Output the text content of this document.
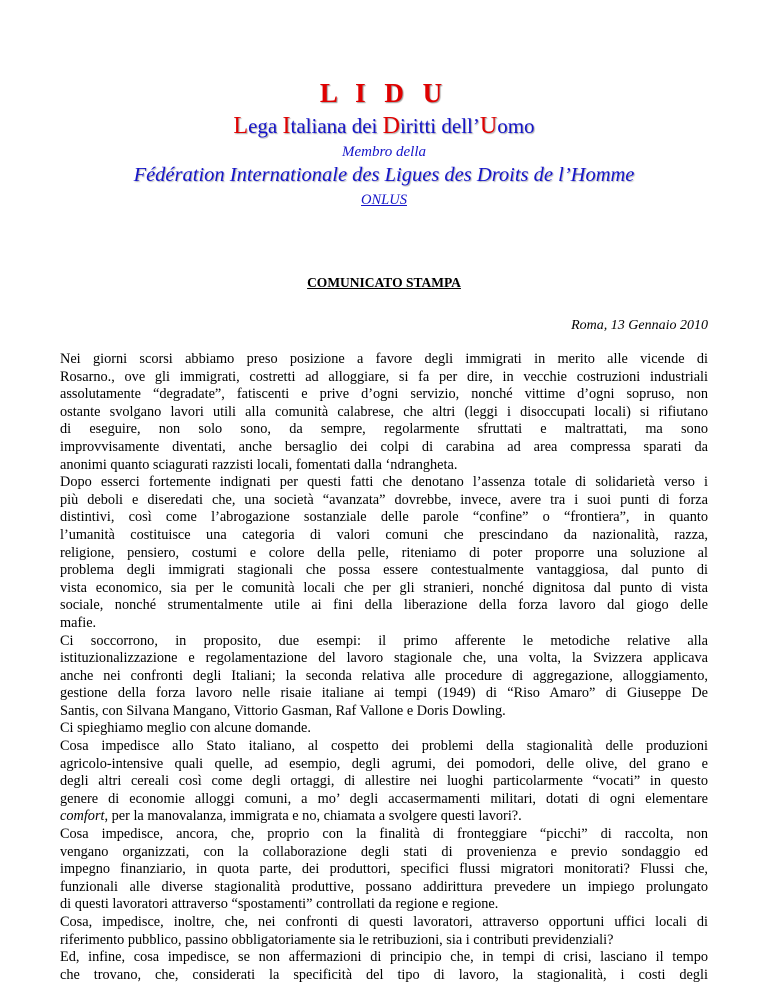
L I D U
Lega Italiana dei Diritti dell’Uomo
Membro della
Fédération Internationale des Ligues des Droits de l’Homme
ONLUS
COMUNICATO STAMPA
Roma, 13 Gennaio 2010
Nei giorni scorsi abbiamo preso posizione a favore degli immigrati in merito alle vicende di
Rosarno., ove gli immigrati, costretti ad alloggiare, si fa per dire, in vecchie costruzioni industriali
assolutamente “degradate”, fatiscenti e prive d’ogni servizio, nonché vittime d’ogni sopruso, non
ostante svolgano lavori utili alla comunità calabrese, che altri (leggi i disoccupati locali) si rifiutano
di eseguire, non solo sono, da sempre, regolarmente sfruttati e maltrattati, ma sono
improvvisamente diventati, anche bersaglio dei colpi di carabina ad area compressa sparati da
anonimi quanto sciagurati razzisti locali, fomentati dalla ‘ndrangheta.
Dopo esserci fortemente indignati per questi fatti che denotano l’assenza totale di solidarietà verso i
più deboli e diseredati che, una società “avanzata” dovrebbe, invece, avere tra i suoi punti di forza
distintivi, così come l’abrogazione sostanziale delle parole “confine” o “frontiera”, in quanto
l’umanità costituisce una categoria di valori comuni che prescindano da nazionalità, razza,
religione, pensiero, costumi e colore della pelle, riteniamo di poter proporre una soluzione al
problema degli immigrati stagionali che possa essere contestualmente vantaggiosa, dal punto di
vista economico, sia per le comunità locali che per gli stranieri, nonché dignitosa dal punto di vista
sociale, nonché strumentalmente utile ai fini della liberazione della forza lavoro dal giogo delle
mafie.
Ci soccorrono, in proposito, due esempi: il primo afferente le metodiche relative alla
istituzionalizzazione e regolamentazione del lavoro stagionale che, una volta, la Svizzera applicava
anche nei confronti degli Italiani; la seconda relativa alle procedure di aggregazione, alloggiamento,
gestione della forza lavoro nelle risaie italiane ai tempi (1949) di “Riso Amaro” di Giuseppe De
Santis, con Silvana Mangano, Vittorio Gasman, Raf Vallone e Doris Dowling.
Ci spieghiamo meglio con alcune domande.
Cosa impedisce allo Stato italiano, al cospetto dei problemi della stagionalità delle produzioni
agricolo-intensive quali quelle, ad esempio, degli agrumi, dei pomodori, delle olive, del grano e
degli altri cereali così come degli ortaggi, di allestire nei luoghi particolarmente “vocati” in questo
genere di economie alloggi comuni, a mo’ degli accasermamenti militari, dotati di ogni elementare
comfort, per la manovalanza, immigrata e no, chiamata a svolgere questi lavori?.
Cosa impedisce, ancora, che, proprio con la finalità di fronteggiare “picchi” di raccolta, non
vengano organizzati, con la collaborazione degli stati di provenienza e previo sondaggio ed
impegno finanziario, in quota parte, dei produttori, specifici flussi migratori monitorati? Flussi che,
funzionali alle diverse stagionalità produttive, possano addirittura prevedere un impiego prolungato
di questi lavoratori attraverso “spostamenti” controllati da regione e regione.
Cosa, impedisce, inoltre, che, nei confronti di questi lavoratori, attraverso opportuni uffici locali di
riferimento pubblico, passino obbligatoriamente sia le retribuzioni, sia i contributi previdenziali?
Ed, infine, cosa impedisce, se non affermazioni di principio che, in tempi di crisi, lasciano il tempo
che trovano, che, considerati la specificità del tipo di lavoro, la stagionalità, i costi degli
